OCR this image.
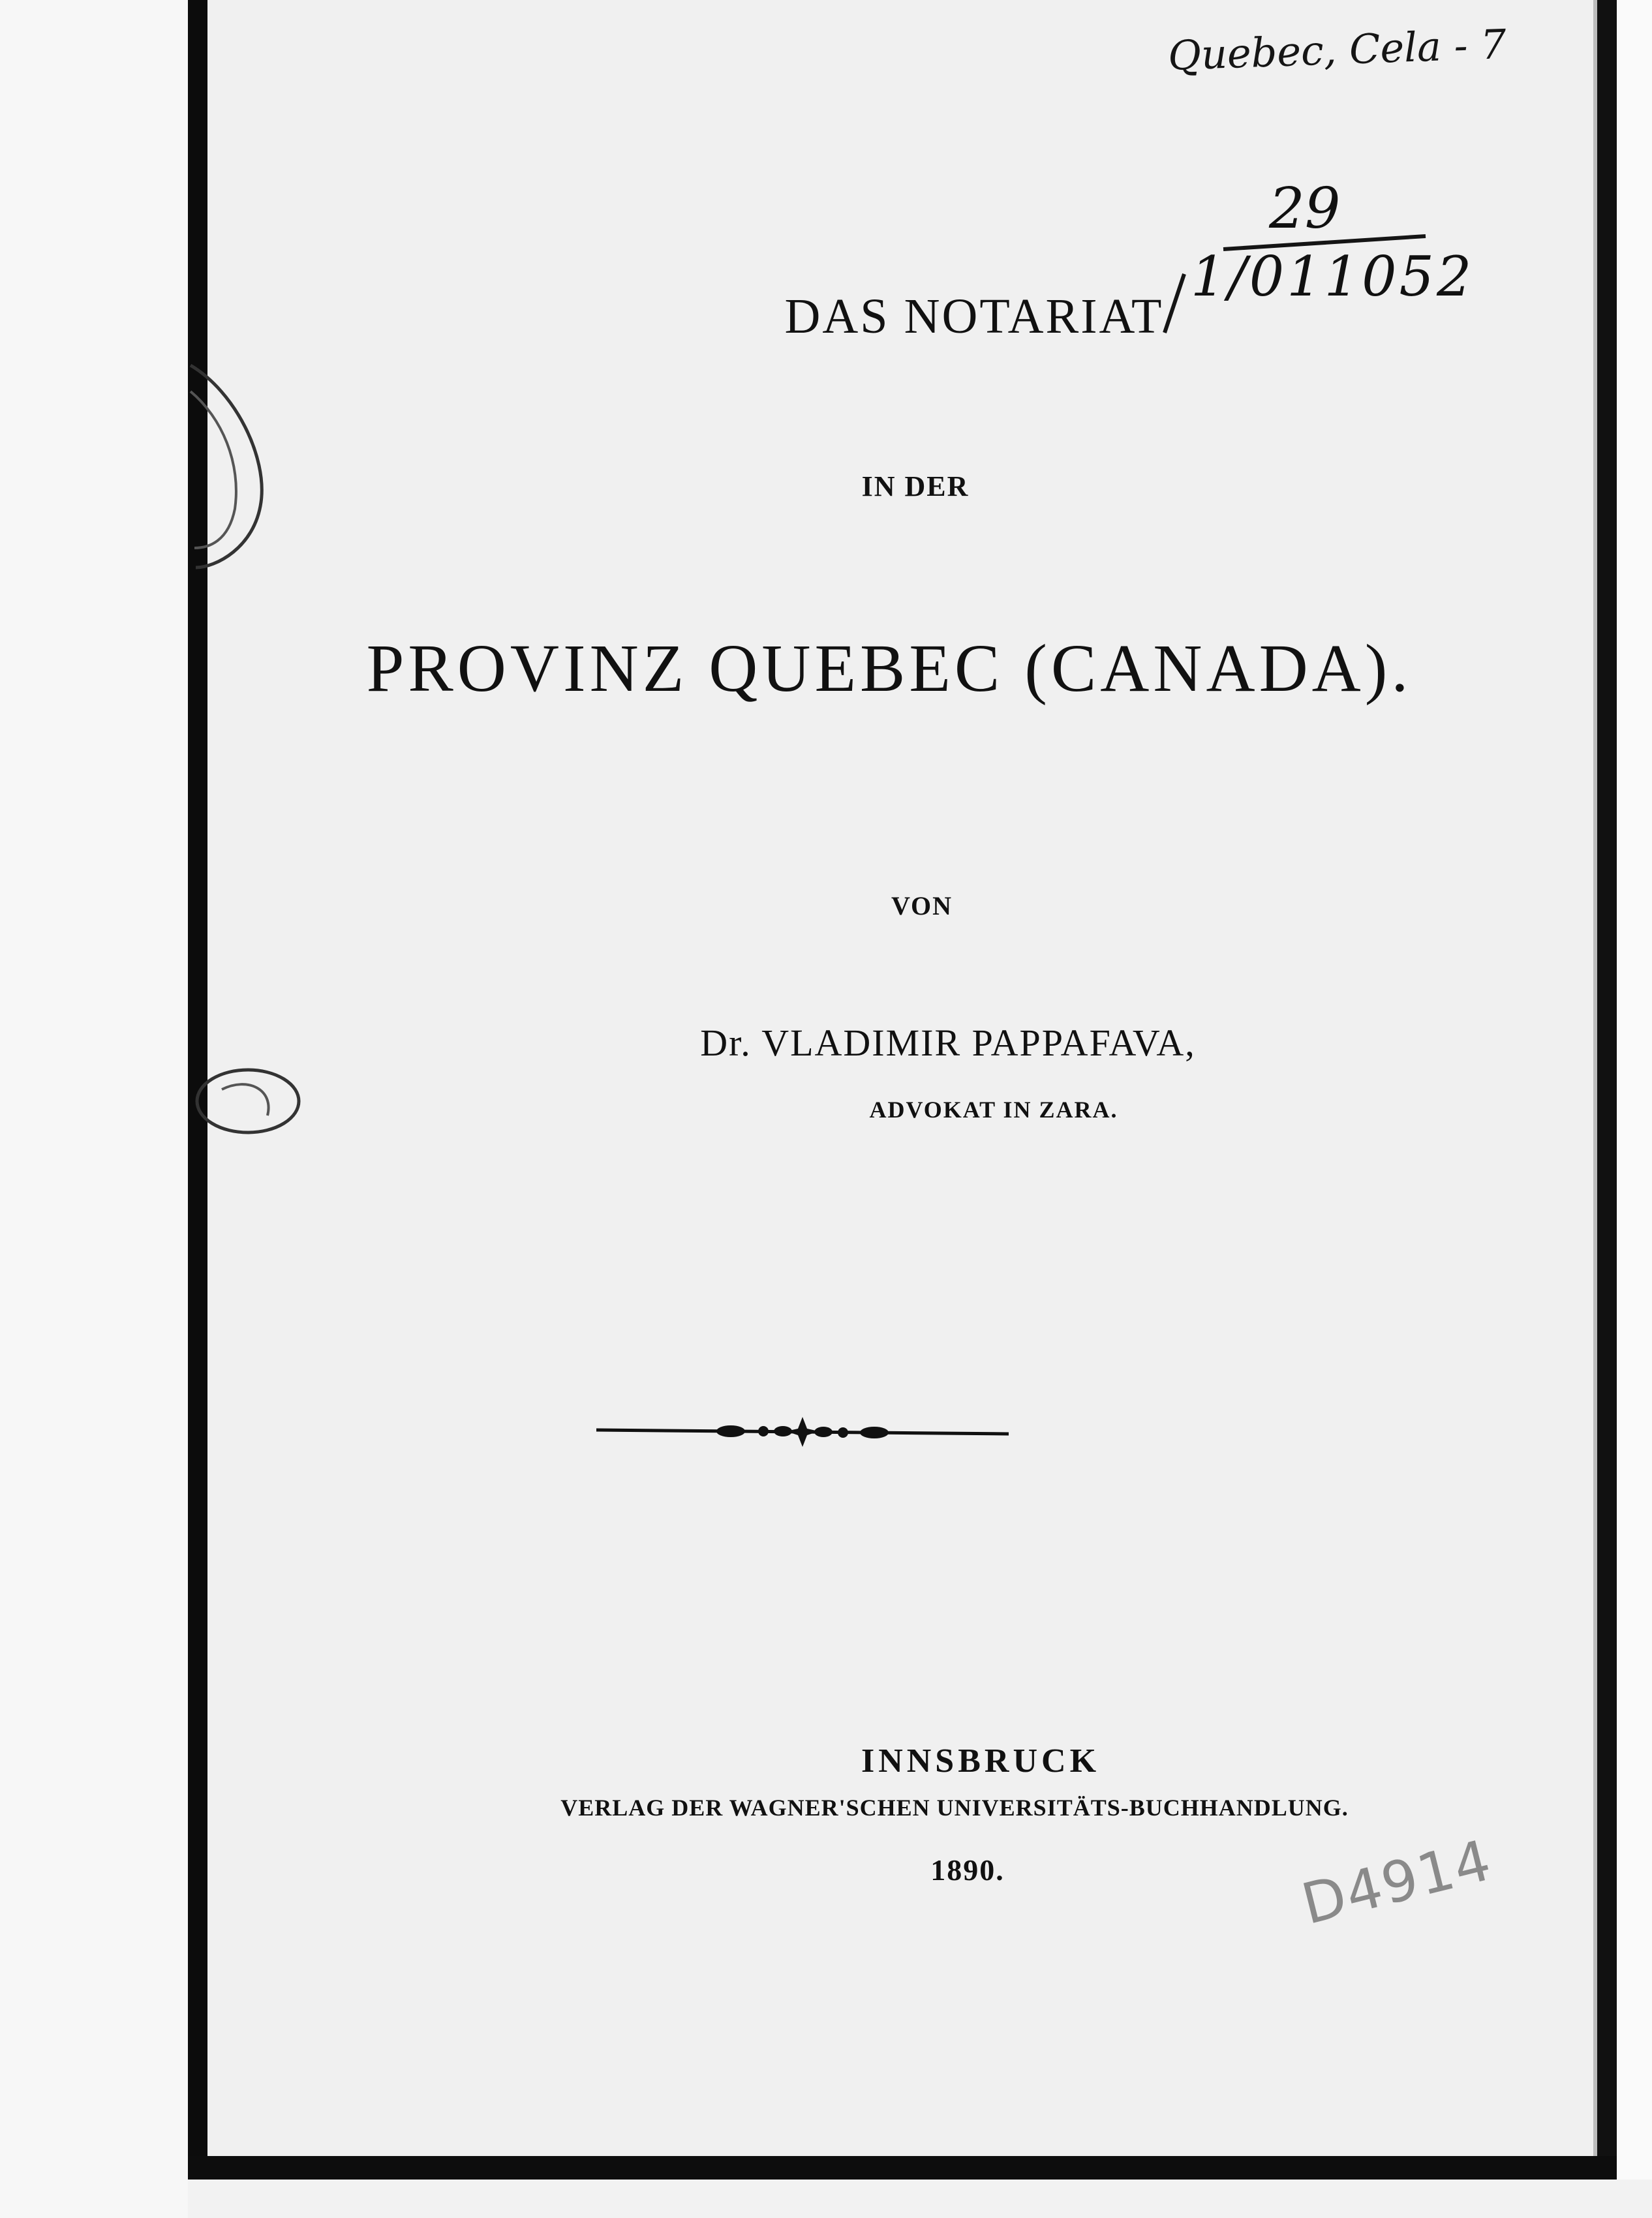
DAS NOTARIAT
IN DER
PROVINZ QUEBEC (CANADA).
VON
Dr. VLADIMIR PAPPAFAVA,
ADVOKAT IN ZARA.
INNSBRUCK
VERLAG DER WAGNER'SCHEN UNIVERSITÄTS-BUCHHANDLUNG.
1890.
Quebec, Cela - 7
29
1/011052
D4914
